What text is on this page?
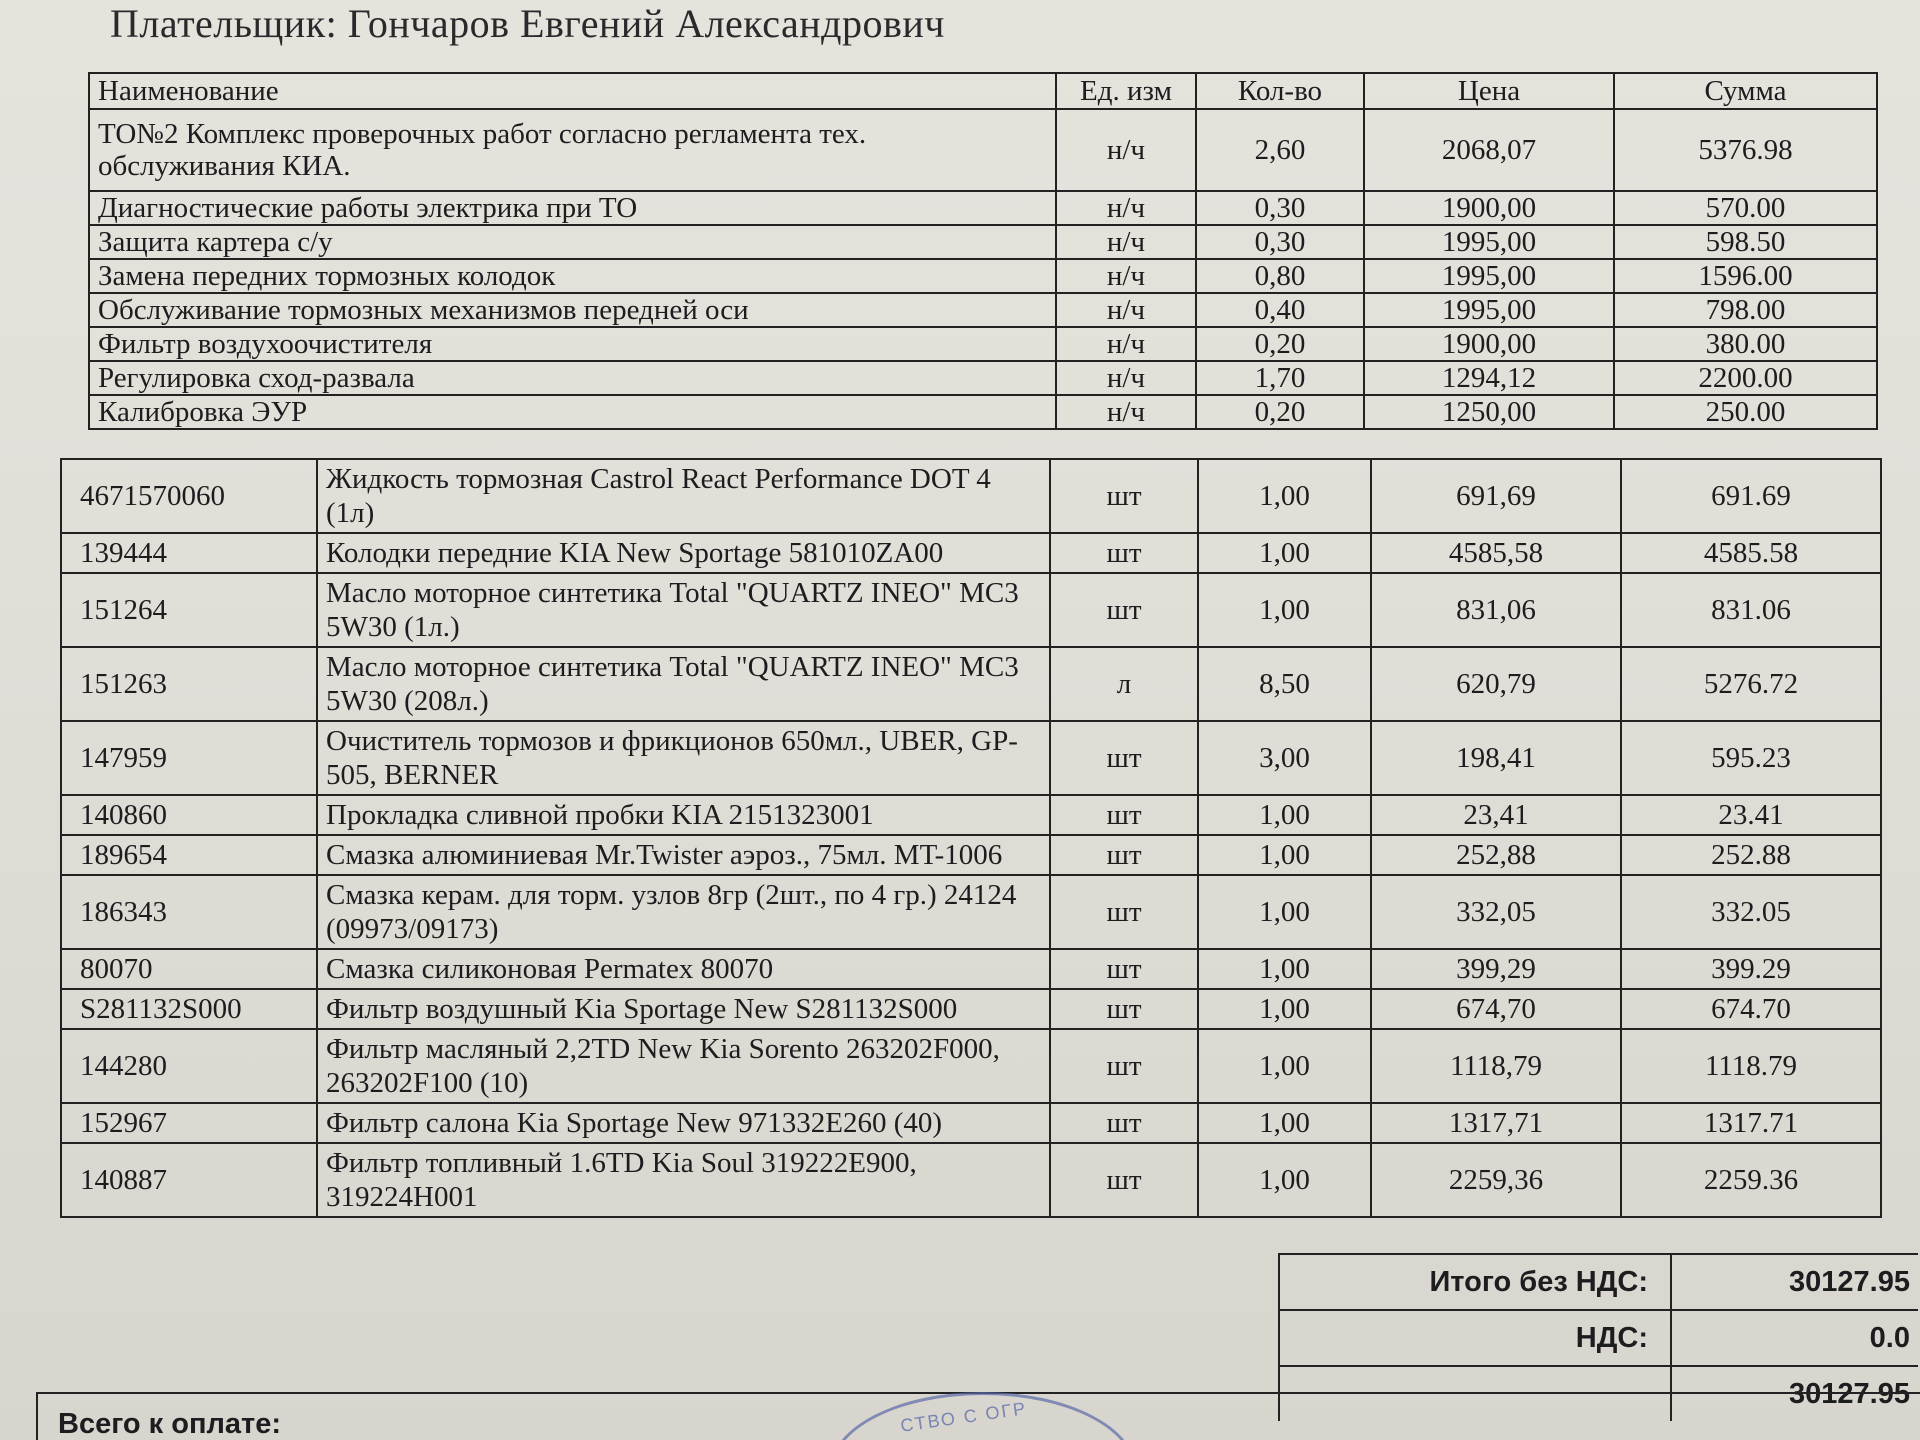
Плательщик: Гончаров Евгений Александрович
Наименование	Ед. изм	Кол-во	Цена	Сумма
ТО№2 Комплекс проверочных работ согласно регламента тех. обслуживания КИА.	н/ч	2,60	2068,07	5376.98
Диагностические работы электрика при ТО	н/ч	0,30	1900,00	570.00
Защита картера с/у	н/ч	0,30	1995,00	598.50
Замена передних тормозных колодок	н/ч	0,80	1995,00	1596.00
Обслуживание тормозных механизмов передней оси	н/ч	0,40	1995,00	798.00
Фильтр воздухоочистителя	н/ч	0,20	1900,00	380.00
Регулировка сход-развала	н/ч	1,70	1294,12	2200.00
Калибровка ЭУР	н/ч	0,20	1250,00	250.00
4671570060	Жидкость тормозная Castrol React Performance DOT 4 (1л)	шт	1,00	691,69	691.69
139444	Колодки передние KIA New Sportage 581010ZA00	шт	1,00	4585,58	4585.58
151264	Масло моторное синтетика Total "QUARTZ INEO" MC3 5W30 (1л.)	шт	1,00	831,06	831.06
151263	Масло моторное синтетика Total "QUARTZ INEO" MC3 5W30 (208л.)	л	8,50	620,79	5276.72
147959	Очиститель тормозов и фрикционов 650мл., UBER, GP-505, BERNER	шт	3,00	198,41	595.23
140860	Прокладка сливной пробки KIA 2151323001	шт	1,00	23,41	23.41
189654	Смазка алюминиевая Mr.Twister аэроз., 75мл. MT-1006	шт	1,00	252,88	252.88
186343	Смазка керам. для торм. узлов 8гр (2шт., по 4 гр.) 24124 (09973/09173)	шт	1,00	332,05	332.05
80070	Смазка силиконовая Permatex 80070	шт	1,00	399,29	399.29
S281132S000	Фильтр воздушный Kia Sportage New S281132S000	шт	1,00	674,70	674.70
144280	Фильтр масляный 2,2TD New Kia Sorento 263202F000, 263202F100 (10)	шт	1,00	1118,79	1118.79
152967	Фильтр салона Kia Sportage New 971332E260 (40)	шт	1,00	1317,71	1317.71
140887	Фильтр топливный 1.6TD Kia Soul 319222E900, 319224H001	шт	1,00	2259,36	2259.36
Итого без НДС:	30127.95
НДС:	0.0
	30127.95
Всего к оплате:	СТВО С ОГР
